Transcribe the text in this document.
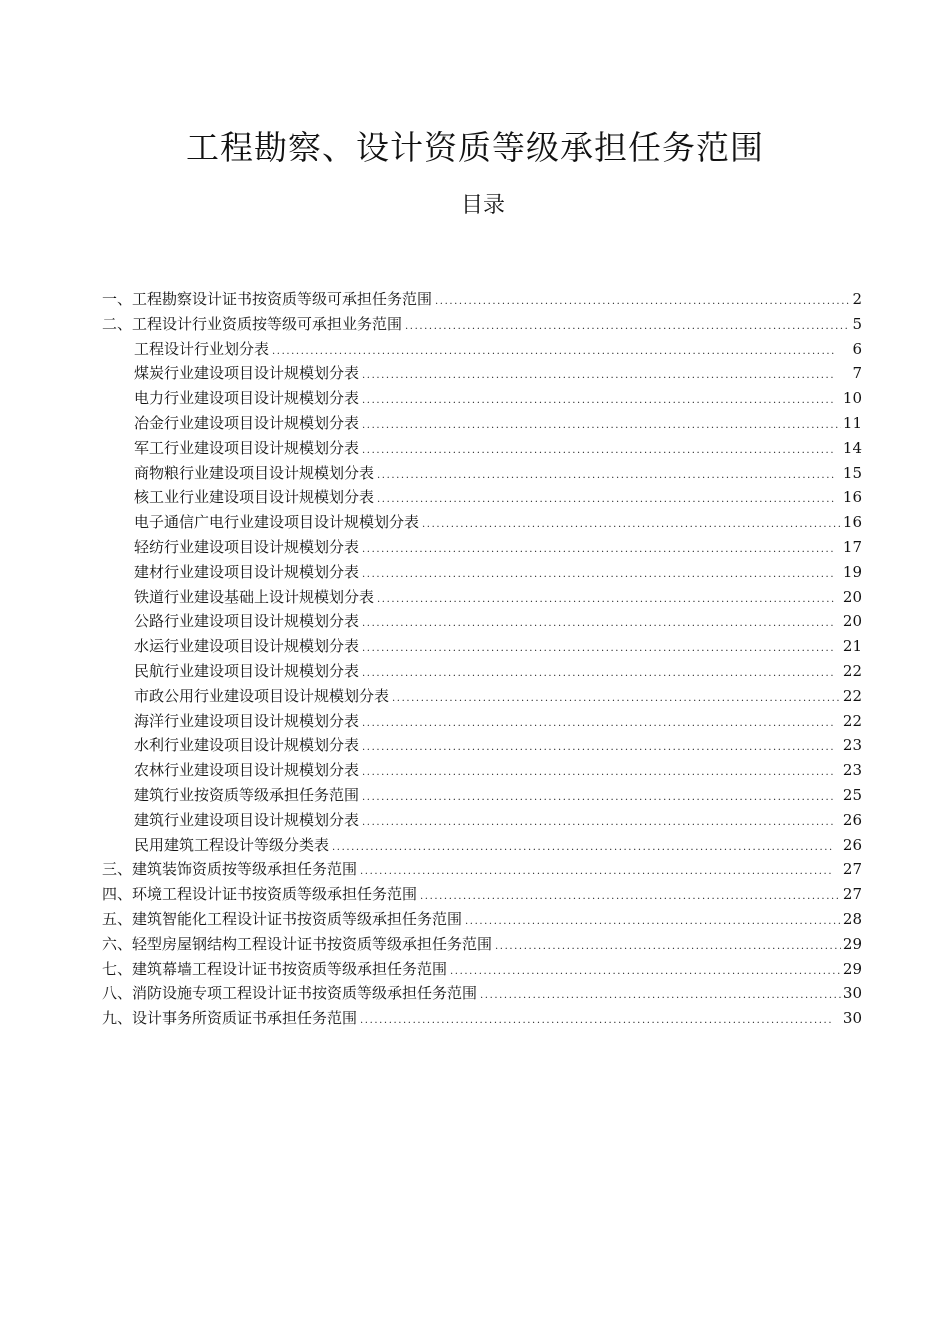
工程勘察、设计资质等级承担任务范围
目录
一、工程勘察设计证书按资质等级可承担任务范围 .....	2
二、工程设计行业资质按等级可承担业务范围 .....	5
工程设计行业划分表 .....	6
煤炭行业建设项目设计规模划分表 .....	7
电力行业建设项目设计规模划分表 .....	10
冶金行业建设项目设计规模划分表 .....	11
军工行业建设项目设计规模划分表 .....	14
商物粮行业建设项目设计规模划分表 .....	15
核工业行业建设项目设计规模划分表 .....	16
电子通信广电行业建设项目设计规模划分表 .....	16
轻纺行业建设项目设计规模划分表 .....	17
建材行业建设项目设计规模划分表 .....	19
铁道行业建设基础上设计规模划分表 .....	20
公路行业建设项目设计规模划分表 .....	20
水运行业建设项目设计规模划分表 .....	21
民航行业建设项目设计规模划分表 .....	22
市政公用行业建设项目设计规模划分表 .....	22
海洋行业建设项目设计规模划分表 .....	22
水利行业建设项目设计规模划分表 .....	23
农林行业建设项目设计规模划分表 .....	23
建筑行业按资质等级承担任务范围 .....	25
建筑行业建设项目设计规模划分表 .....	26
民用建筑工程设计等级分类表 .....	26
三、建筑装饰资质按等级承担任务范围 .....	27
四、环境工程设计证书按资质等级承担任务范围 .....	27
五、建筑智能化工程设计证书按资质等级承担任务范围 .....	28
六、轻型房屋钢结构工程设计证书按资质等级承担任务范围 .....	29
七、建筑幕墙工程设计证书按资质等级承担任务范围 .....	29
八、消防设施专项工程设计证书按资质等级承担任务范围 .....	30
九、设计事务所资质证书承担任务范围 .....	30
